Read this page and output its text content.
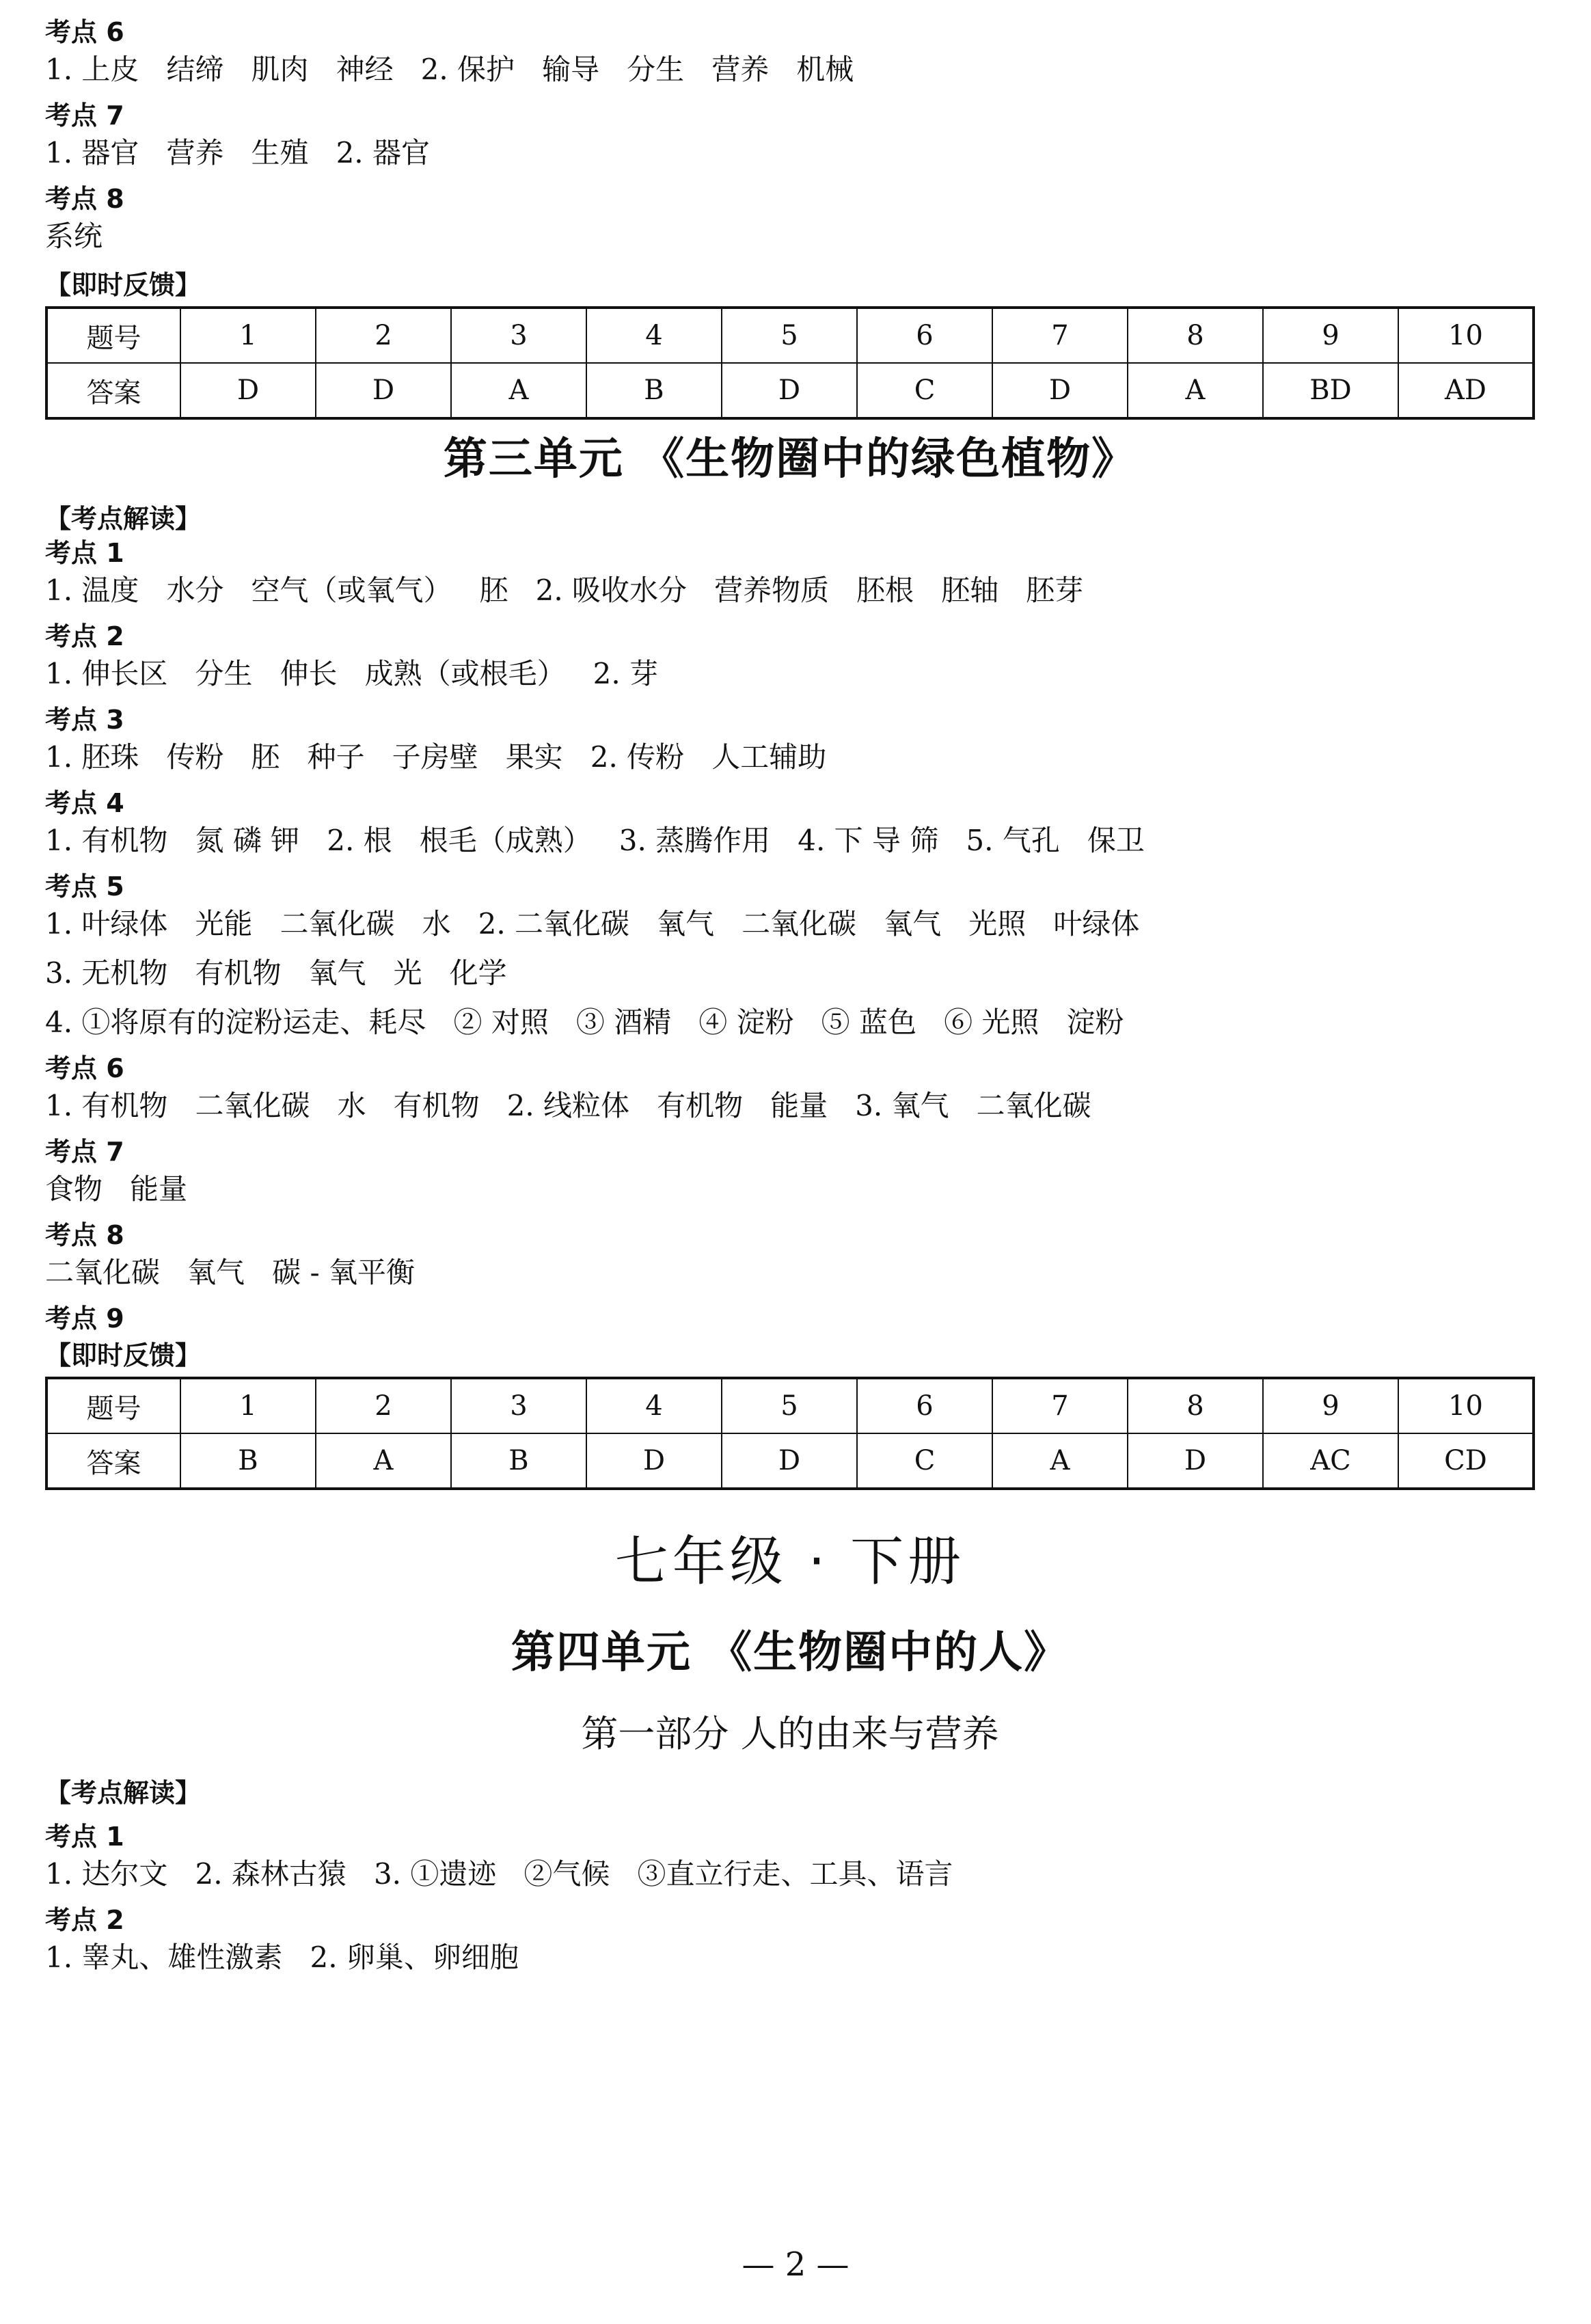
考点 6
1. 上皮   结缔   肌肉   神经   2. 保护   输导   分生   营养   机械
考点 7
1. 器官   营养   生殖   2. 器官
考点 8
系统
【即时反馈】
题号	1	2	3	4	5	6	7	8	9	10
答案	D	D	A	B	D	C	D	A	BD	AD
第三单元 《生物圈中的绿色植物》
【考点解读】
考点 1
1. 温度   水分   空气（或氧气）   胚   2. 吸收水分   营养物质   胚根   胚轴   胚芽
考点 2
1. 伸长区   分生   伸长   成熟（或根毛）   2. 芽
考点 3
1. 胚珠   传粉   胚   种子   子房壁   果实   2. 传粉   人工辅助
考点 4
1. 有机物   氮 磷 钾   2. 根   根毛（成熟）   3. 蒸腾作用   4. 下 导 筛   5. 气孔   保卫
考点 5
1. 叶绿体   光能   二氧化碳   水   2. 二氧化碳   氧气   二氧化碳   氧气   光照   叶绿体
3. 无机物   有机物   氧气   光   化学
4. ①将原有的淀粉运走、耗尽   ② 对照   ③ 酒精   ④ 淀粉   ⑤ 蓝色   ⑥ 光照   淀粉
考点 6
1. 有机物   二氧化碳   水   有机物   2. 线粒体   有机物   能量   3. 氧气   二氧化碳
考点 7
食物   能量
考点 8
二氧化碳   氧气   碳 - 氧平衡
考点 9
【即时反馈】
题号	1	2	3	4	5	6	7	8	9	10
答案	B	A	B	D	D	C	A	D	AC	CD
七年级 · 下册
第四单元 《生物圈中的人》
第一部分 人的由来与营养
【考点解读】
考点 1
1. 达尔文   2. 森林古猿   3. ①遗迹   ②气候   ③直立行走、工具、语言
考点 2
1. 睾丸、雄性激素   2. 卵巢、卵细胞
— 2 —
